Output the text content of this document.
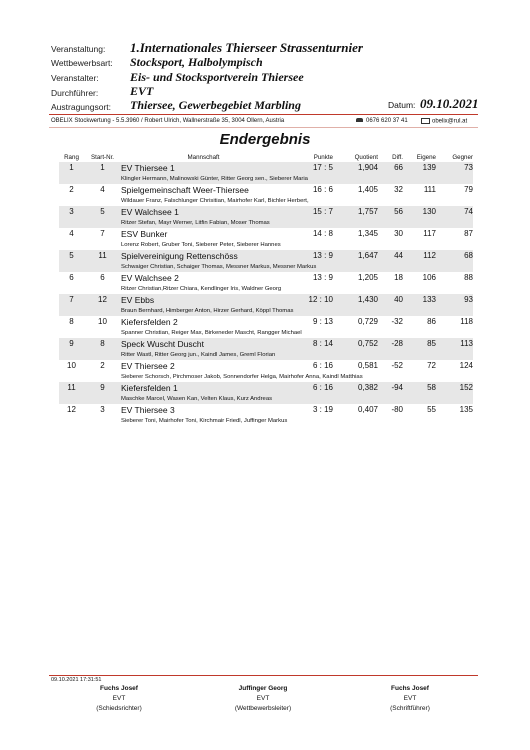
Veranstaltung: 1.Internationales Thierseer Strassenturnier
Wettbewerbsart: Stocksport, Halbolympisch
Veranstalter:	Eis- und Stocksportverein Thiersee
Durchführer:	EVT
Austragungsort: Thiersee, Gewerbegebiet Marbling	Datum: 09.10.2021
OBELIX Stockwertung - 5.5.3960 / Robert Ulrich, Wallnerstraße 35, 3004 Ollern, Austria	0676 620 37 41	obelix@rul.at
Endergebnis
Rang	Start-Nr.	Mannschaft	Punkte	Quotient	Diff.	Eigene	Gegner
1	1	EV Thiersee 1	17 : 5	1,904	66	139	73
		Klingler Hermann, Malinowski Günter, Ritter Georg sen., Sieberer Maria					
2	4	Spielgemeinschaft Weer-Thiersee	16 : 6	1,405	32	111	79
		Wildauer Franz, Falschlunger Chrisitian, Mairhofer Karl, Bichler Herbert,					
3	5	EV Walchsee 1	15 : 7	1,757	56	130	74
		Ritzer Stefan, Mayr Werner, Litfin Fabian, Moser Thomas					
4	7	ESV Bunker	14 : 8	1,345	30	117	87
		Lorenz Robert, Gruber Toni, Sieberer Peter, Sieberer Hannes					
5	11	Spielvereinigung Rettenschöss	13 : 9	1,647	44	112	68
		Schwaiger Christian, Schaiger Thomas, Messner Markus, Messner Markus					
6	6	EV Walchsee 2	13 : 9	1,205	18	106	88
		Ritzer Christian,Ritzer Chiara, Kendlinger Iris, Waldner Georg					
7	12	EV Ebbs	12 : 10	1,430	40	133	93
		Braun Bernhard, Himberger Anton, Hirzer Gerhard, Köppl Thomas					
8	10	Kiefersfelden 2	9 : 13	0,729	-32	86	118
		Spanner Christian, Reiger Max, Birkeneder Mascht, Rangger Michael					
9	8	Speck Wuscht Duscht	8 : 14	0,752	-28	85	113
		Ritter Wastl, Ritter Georg jun., Kaindl James, Greml Florian					
10	2	EV Thiersee 2	6 : 16	0,581	-52	72	124
		Sieberer Schorsch, Pirchmoser Jakob, Sonnendorfer Helga, Mairhofer Anna, Kaindl Matthias					
11	9	Kiefersfelden 1	6 : 16	0,382	-94	58	152
		Maschke Marcel, Wasen Kan, Velten Klaus, Kurz Andreas					
12	3	EV Thiersee 3	3 : 19	0,407	-80	55	135
		Sieberer Toni, Mairhofer Toni, Kirchmair Friedl, Juffinger Markus					
09.10.2021 17:31:51
Fuchs Josef
EVT
(Schiedsrichter)
Juffinger Georg
EVT
(Wettbewerbsleiter)
Fuchs Josef
EVT
(Schriftführer)
